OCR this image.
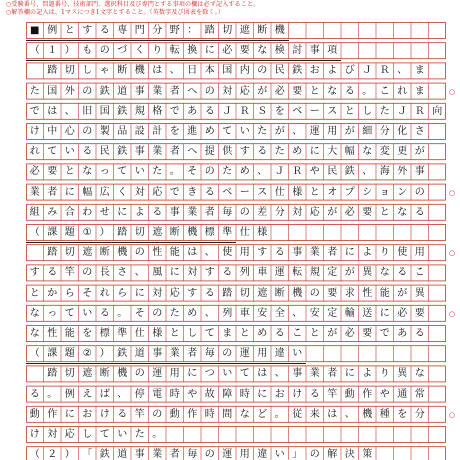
○受験番号、問題番号、技術部門、選択科目及び専門とする事項の欄は必ず記入すること。
○解答欄の記入は、1マスにつき1文字とすること。（英数字及び図表を除く。）
■ 例 と す る 専 門 分 野 ： 踏 切 遮 断 機
（ １ ） も の づ く り 転 換 に 必 要 な 検 討 事 項

踏 切 し ゃ 断 機 は 、 日 本 国 内 の 民 鉄 お よ び Ｊ Ｒ 、 ま
た 国 外 の 鉄 道 事 業 者 へ の 対 応 が 必 要 と な る 。 こ れ ま
で は 、 旧 国 鉄 規 格 で あ る Ｊ Ｒ Ｓ を ベ ー ス と し た Ｊ Ｒ 向
け 中 心 の 製 品 設 計 を 進 め て い た が 、 運 用 が 細 分 化 さ
れ て い る 民 鉄 事 業 者 へ 提 供 す る た め に 大 幅 な 変 更 が
必 要 と な っ て い た 。 そ の た め 、 Ｊ Ｒ や 民 鉄 、 海 外 事
業 者 に 幅 広 く 対 応 で き る ベ ー ス 仕 様 と オ プ シ ョ ン の
組 み 合 わ せ に よ る 事 業 者 毎 の 差 分 対 応 が 必 要 と な る
（ 課 題 ① ） 踏 切 遮 断 機 標 準 仕 様

踏 切 遮 断 機 の 性 能 は 、 使 用 す る 事 業 者 に よ り 使 用
す る 竿 の 長 さ 、 風 に 対 す る 列 車 運 転 規 定 が 異 な る こ
と か ら そ れ ら に 対 応 す る 踏 切 遮 断 機 の 要 求 性 能 が 異
な っ て い る 。 そ の た め 、 列 車 安 全 、 安 定 輸 送 に 必 要
な 性 能 を 標 準 仕 様 と し て ま と め る こ と が 必 要 で あ る
（ 課 題 ② ） 鉄 道 事 業 者 毎 の 運 用 違 い

踏 切 遮 断 機 の 運 用 に つ い て は 、 事 業 者 に よ り 異 な
る 。 例 え ば 、 停 電 時 や 故 障 時 に お け る 竿 動 作 や 通 常
動 作 に お け る 竿 の 動 作 時 間 な ど 。 従 来 は 、 機 種 を 分
け 対 応 し て い た 。
（ ２ ） 「 鉄 道 事 業 者 毎 の 運 用 違 い 」 の 解 決 策
○
○
○
○
○
